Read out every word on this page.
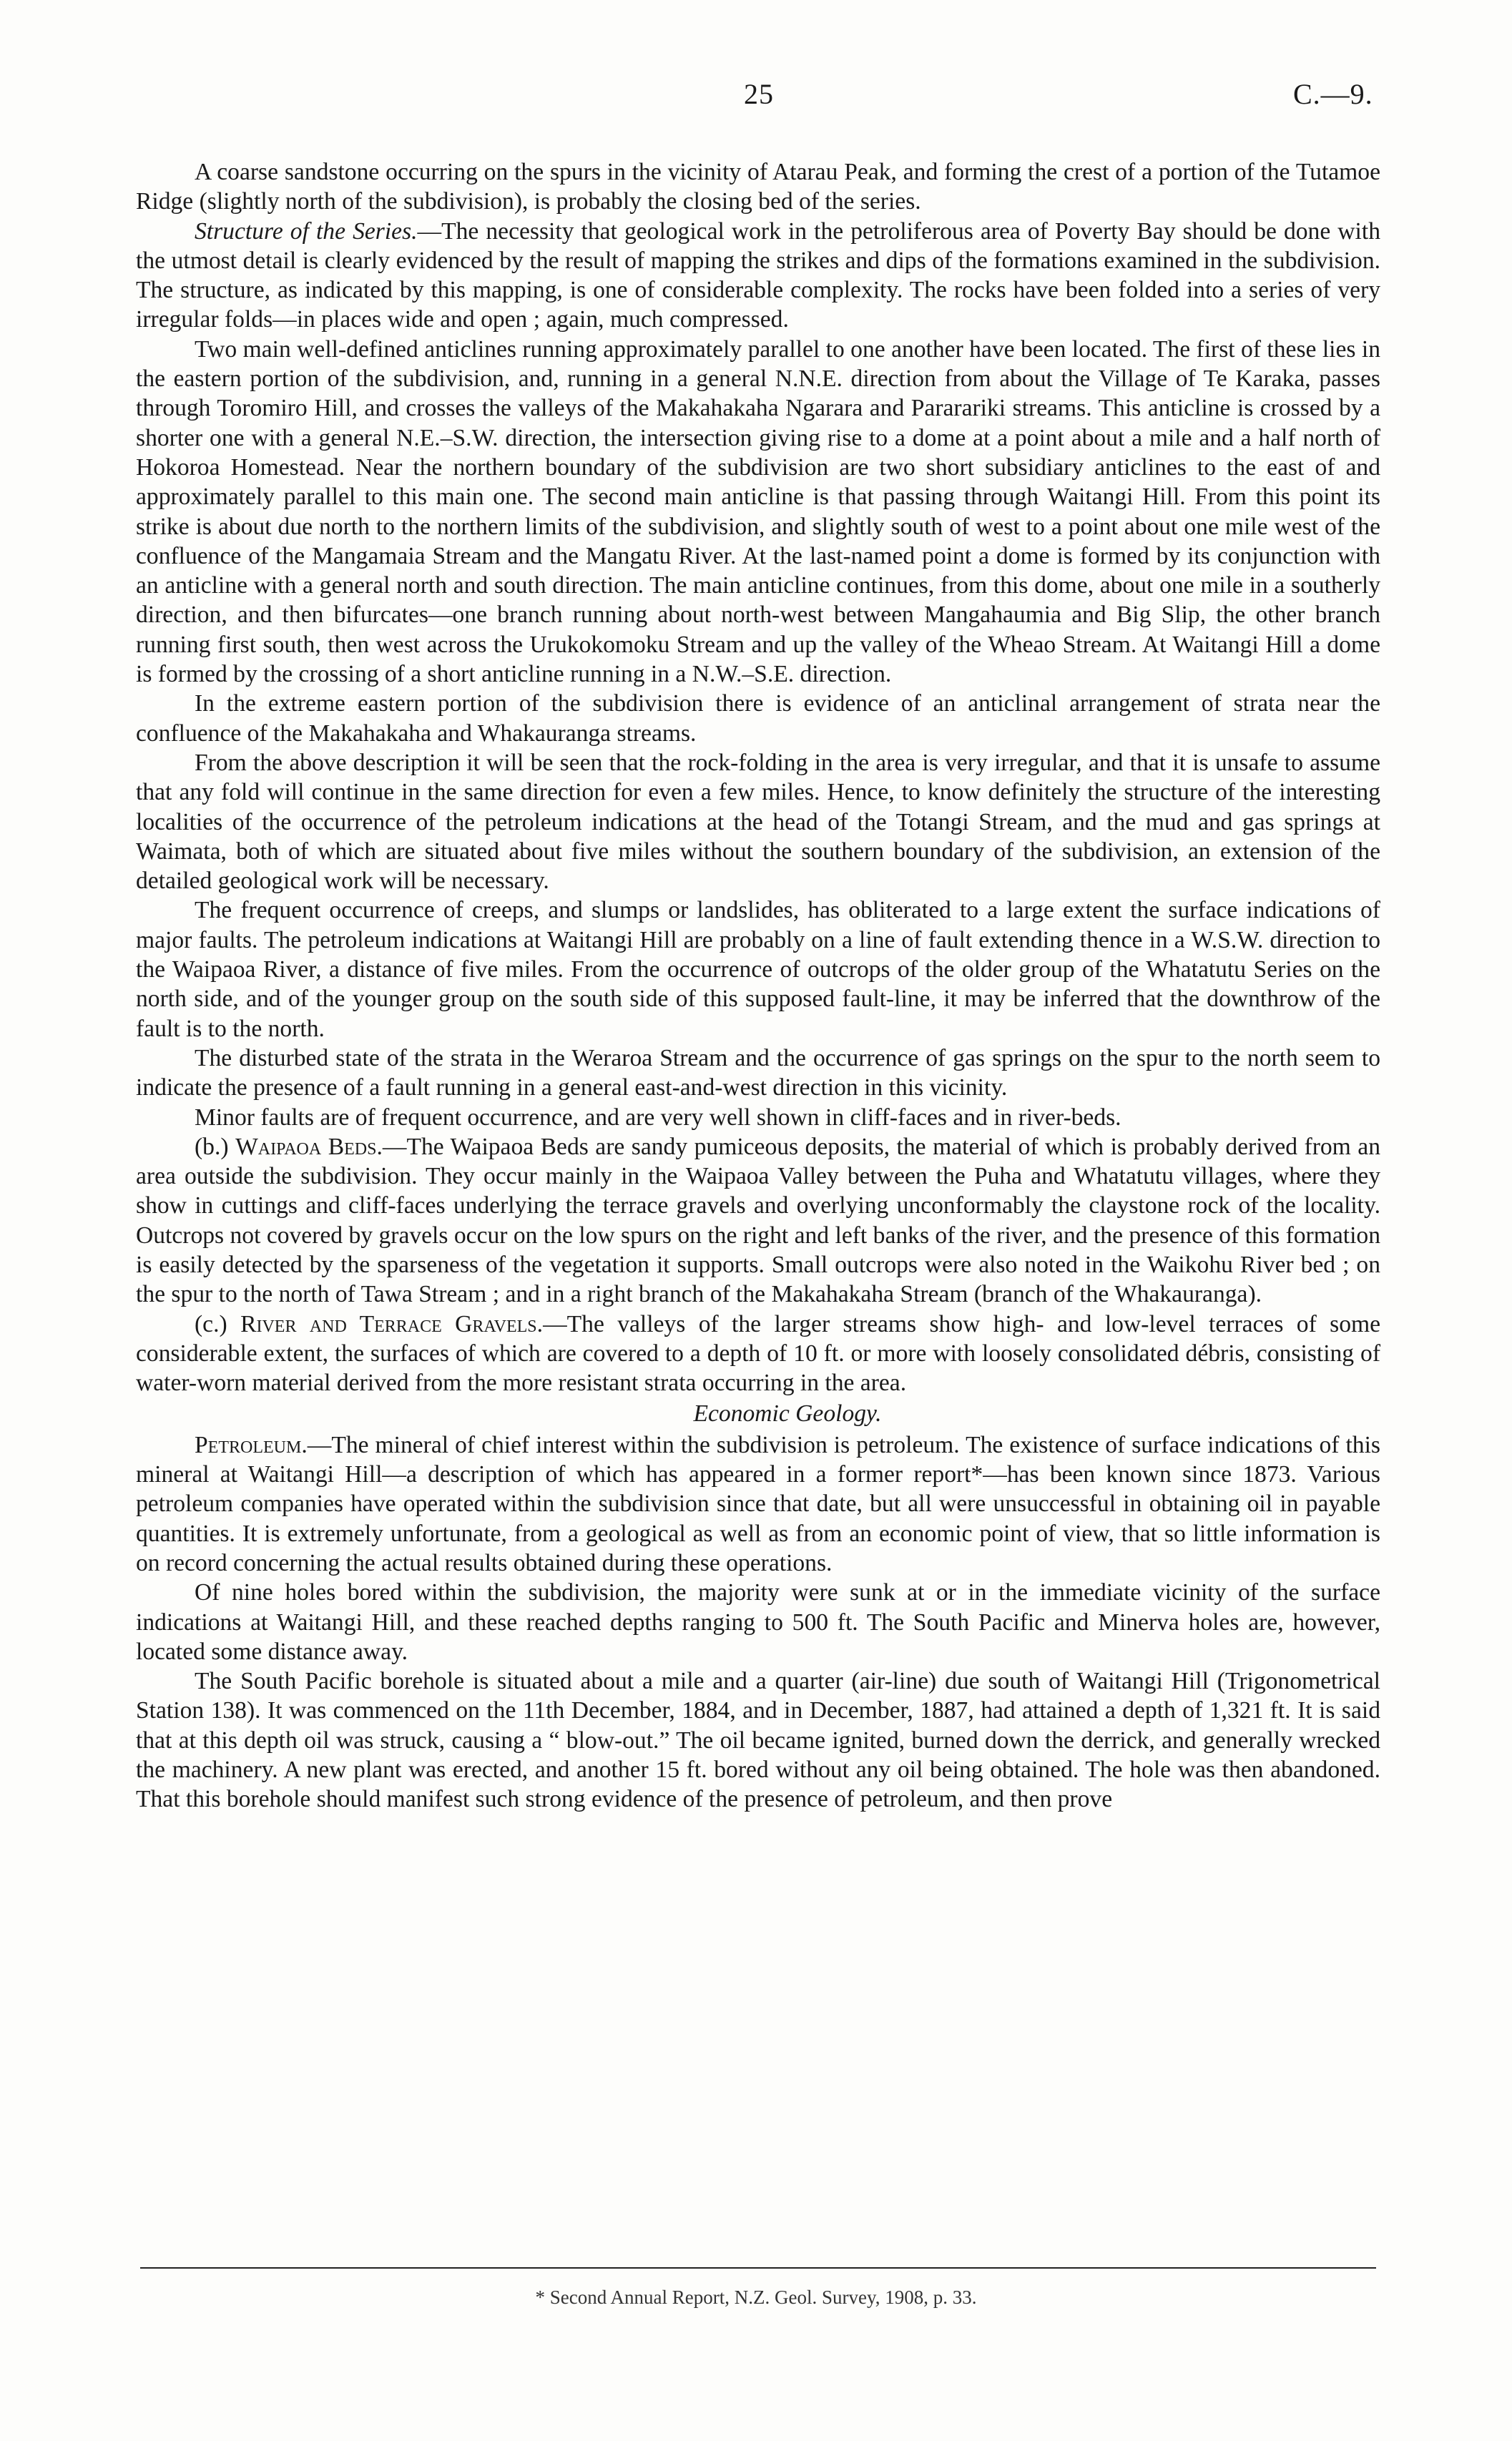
25	C.—9.

A coarse sandstone occurring on the spurs in the vicinity of Atarau Peak, and forming the crest of a portion of the Tutamoe Ridge (slightly north of the subdivision), is probably the closing bed of the series.

Structure of the Series.—The necessity that geological work in the petroliferous area of Poverty Bay should be done with the utmost detail is clearly evidenced by the result of mapping the strikes and dips of the formations examined in the subdivision. The structure, as indicated by this mapping, is one of considerable complexity. The rocks have been folded into a series of very irregular folds—in places wide and open ; again, much compressed.

Two main well-defined anticlines running approximately parallel to one another have been located. The first of these lies in the eastern portion of the subdivision, and, running in a general N.N.E. direction from about the Village of Te Karaka, passes through Toromiro Hill, and crosses the valleys of the Makahakaha Ngarara and Pararariki streams. This anticline is crossed by a shorter one with a general N.E.–S.W. direction, the intersection giving rise to a dome at a point about a mile and a half north of Hokoroa Homestead. Near the northern boundary of the subdivision are two short subsidiary anticlines to the east of and approximately parallel to this main one. The second main anticline is that passing through Waitangi Hill. From this point its strike is about due north to the northern limits of the subdivision, and slightly south of west to a point about one mile west of the confluence of the Mangamaia Stream and the Mangatu River. At the last-named point a dome is formed by its conjunction with an anticline with a general north and south direction. The main anticline continues, from this dome, about one mile in a southerly direction, and then bifurcates—one branch running about north-west between Mangahaumia and Big Slip, the other branch running first south, then west across the Urukokomoku Stream and up the valley of the Wheao Stream. At Waitangi Hill a dome is formed by the crossing of a short anticline running in a N.W.–S.E. direction.

In the extreme eastern portion of the subdivision there is evidence of an anticlinal arrangement of strata near the confluence of the Makahakaha and Whakauranga streams.

From the above description it will be seen that the rock-folding in the area is very irregular, and that it is unsafe to assume that any fold will continue in the same direction for even a few miles. Hence, to know definitely the structure of the interesting localities of the occurrence of the petroleum indications at the head of the Totangi Stream, and the mud and gas springs at Waimata, both of which are situated about five miles without the southern boundary of the subdivision, an extension of the detailed geological work will be necessary.

The frequent occurrence of creeps, and slumps or landslides, has obliterated to a large extent the surface indications of major faults. The petroleum indications at Waitangi Hill are probably on a line of fault extending thence in a W.S.W. direction to the Waipaoa River, a distance of five miles. From the occurrence of outcrops of the older group of the Whatatutu Series on the north side, and of the younger group on the south side of this supposed fault-line, it may be inferred that the downthrow of the fault is to the north.

The disturbed state of the strata in the Weraroa Stream and the occurrence of gas springs on the spur to the north seem to indicate the presence of a fault running in a general east-and-west direction in this vicinity.

Minor faults are of frequent occurrence, and are very well shown in cliff-faces and in river-beds.

(b.) Waipaoa Beds.—The Waipaoa Beds are sandy pumiceous deposits, the material of which is probably derived from an area outside the subdivision. They occur mainly in the Waipaoa Valley between the Puha and Whatatutu villages, where they show in cuttings and cliff-faces underlying the terrace gravels and overlying unconformably the claystone rock of the locality. Outcrops not covered by gravels occur on the low spurs on the right and left banks of the river, and the presence of this formation is easily detected by the sparseness of the vegetation it supports. Small outcrops were also noted in the Waikohu River bed ; on the spur to the north of Tawa Stream ; and in a right branch of the Makahakaha Stream (branch of the Whakauranga).

(c.) River and Terrace Gravels.—The valleys of the larger streams show high- and low-level terraces of some considerable extent, the surfaces of which are covered to a depth of 10 ft. or more with loosely consolidated débris, consisting of water-worn material derived from the more resistant strata occurring in the area.

Economic Geology.

Petroleum.—The mineral of chief interest within the subdivision is petroleum. The existence of surface indications of this mineral at Waitangi Hill—a description of which has appeared in a former report*—has been known since 1873. Various petroleum companies have operated within the subdivision since that date, but all were unsuccessful in obtaining oil in payable quantities. It is extremely unfortunate, from a geological as well as from an economic point of view, that so little information is on record concerning the actual results obtained during these operations.

Of nine holes bored within the subdivision, the majority were sunk at or in the immediate vicinity of the surface indications at Waitangi Hill, and these reached depths ranging to 500 ft. The South Pacific and Minerva holes are, however, located some distance away.

The South Pacific borehole is situated about a mile and a quarter (air-line) due south of Waitangi Hill (Trigonometrical Station 138). It was commenced on the 11th December, 1884, and in December, 1887, had attained a depth of 1,321 ft. It is said that at this depth oil was struck, causing a “ blow-out.” The oil became ignited, burned down the derrick, and generally wrecked the machinery. A new plant was erected, and another 15 ft. bored without any oil being obtained. The hole was then abandoned. That this borehole should manifest such strong evidence of the presence of petroleum, and then prove

* Second Annual Report, N.Z. Geol. Survey, 1908, p. 33.
